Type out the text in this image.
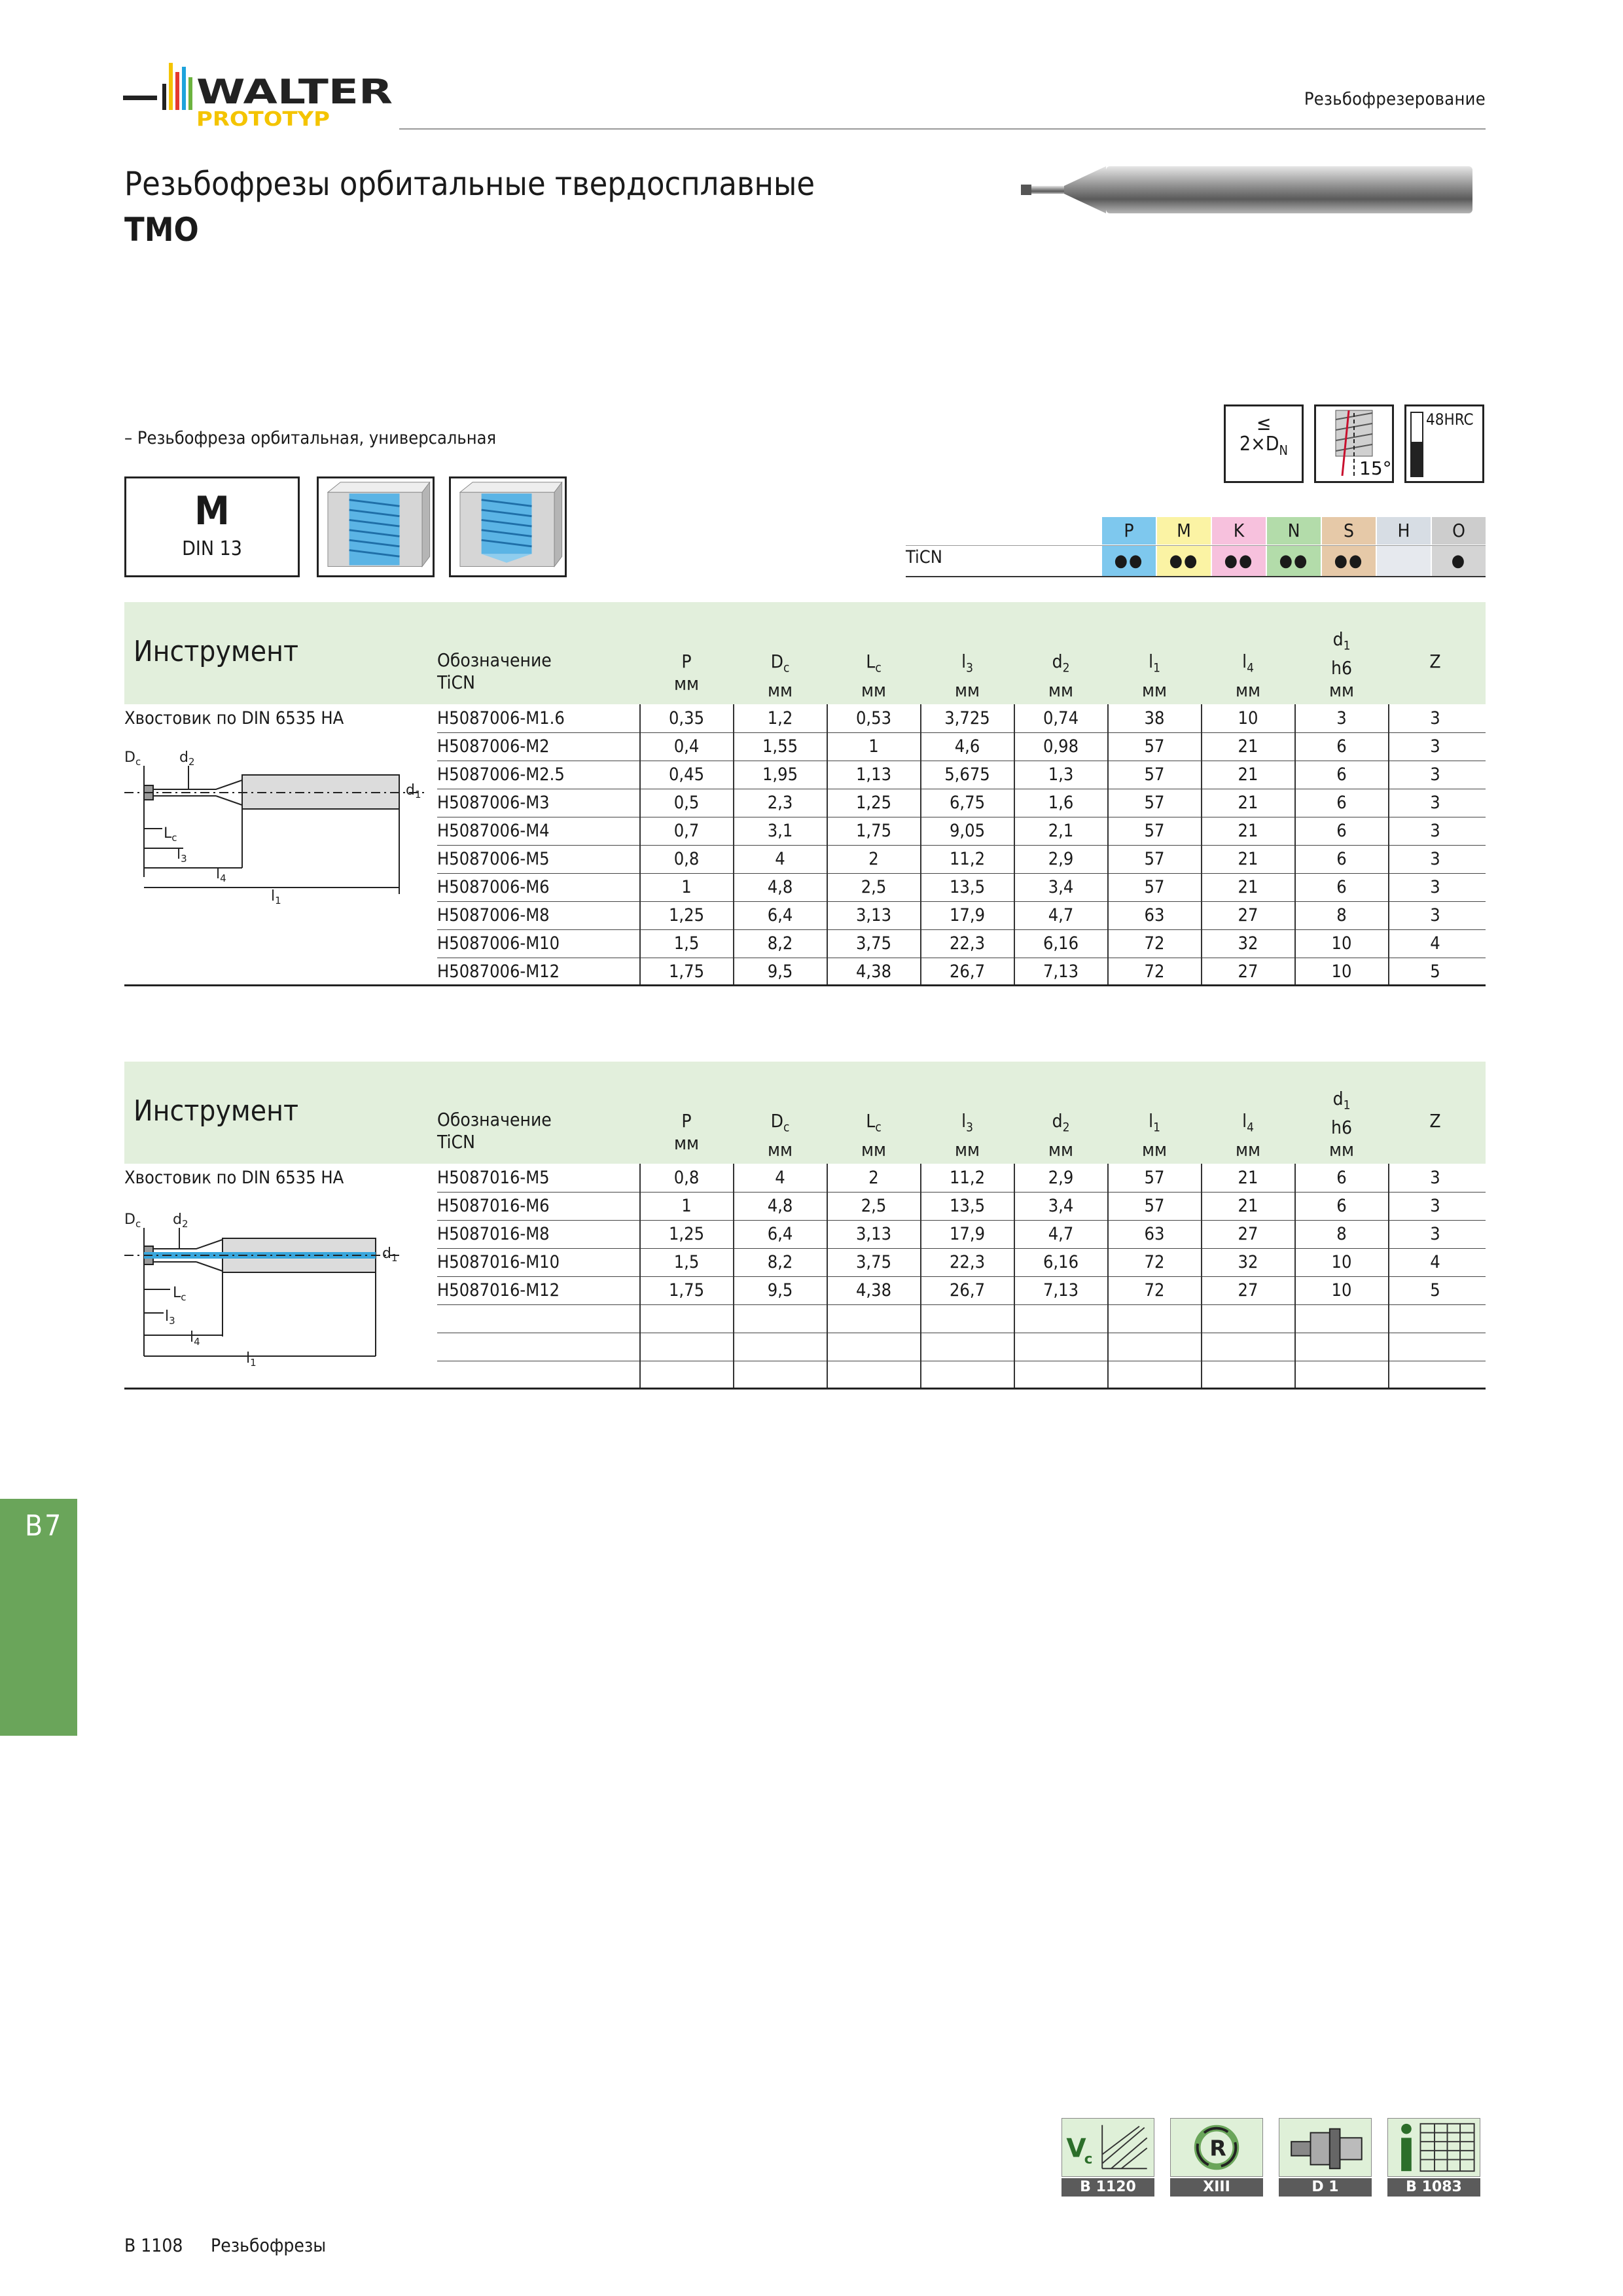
WALTER
PROTOTYP
Резьбофрезерование
Резьбофрезы орбитальные твердосплавные
TMO
– Резьбофреза орбитальная, универсальная
M
DIN 13
≤
$2\times D_N$
15°
48HRC
TiCN
P
●●
M
●●
K
●●
N
●●
S
●●
H	O
●
Инструмент	Обозначение
TiCN
P
мм
$D_c$
мм
$L_c$
мм
$l_3$
мм
$d_2$
мм
$l_1$
мм
$l_4$
мм
$d_1$
h6
мм
Z

Хвостовик по DIN 6535 HA	H5087006-M1.6	0,35	1,2	0,53	3,725	0,74	38	10	3	3
H5087006-M2	0,4	1,55	1	4,6	0,98	57	21	6	3
H5087006-M2.5	0,45	1,95	1,13	5,675	1,3	57	21	6	3
H5087006-M3	0,5	2,3	1,25	6,75	1,6	57	21	6	3
H5087006-M4	0,7	3,1	1,75	9,05	2,1	57	21	6	3
H5087006-M5	0,8	4	2	11,2	2,9	57	21	6	3
H5087006-M6	1	4,8	2,5	13,5	3,4	57	21	6	3
H5087006-M8	1,25	6,4	3,13	17,9	4,7	63	27	8	3
H5087006-M10	1,5	8,2	3,75	22,3	6,16	72	32	10	4
H5087006-M12	1,75	9,5	4,38	26,7	7,13	72	27	10	5
$D_c$	$d_2$
$d_1$
$L_c$
$l_3$
$l_4$
$l_1$
Инструмент	Обозначение
TiCN
P
мм
$D_c$
мм
$L_c$
мм
$l_3$
мм
$d_2$
мм
$l_1$
мм
$l_4$
мм
$d_1$
h6
мм
Z

Хвостовик по DIN 6535 HA	H5087016-M5	0,8	4	2	11,2	2,9	57	21	6	3
H5087016-M6	1	4,8	2,5	13,5	3,4	57	21	6	3
H5087016-M8	1,25	6,4	3,13	17,9	4,7	63	27	8	3
H5087016-M10	1,5	8,2	3,75	22,3	6,16	72	32	10	4
H5087016-M12	1,75	9,5	4,38	26,7	7,13	72	27	10	5
$D_c$ $d_2$
$d_1$
$L_c$
$l_3$
$l_4$
$l_1$
B7
V
c
B 1120
R
XIII	D 1	B 1083
B 1108 Резьбофрезы
